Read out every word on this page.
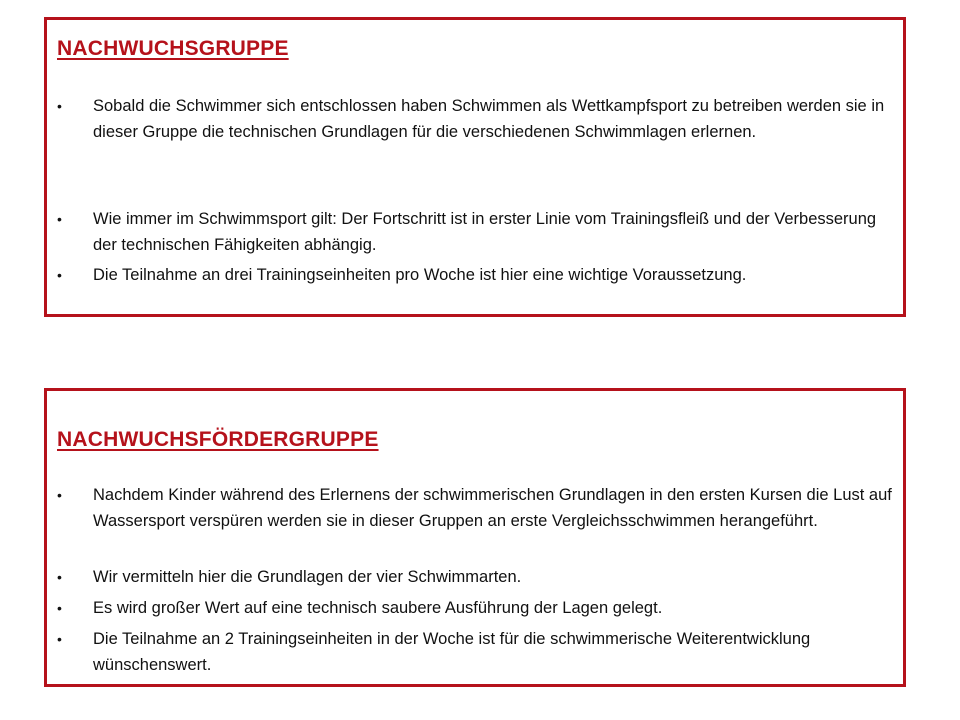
NACHWUCHSGRUPPE
•	Sobald die Schwimmer sich entschlossen haben Schwimmen als Wettkampfsport zu betreiben werden sie in dieser Gruppe die technischen Grundlagen für die verschiedenen Schwimmlagen erlernen.
•	Wie immer im Schwimmsport gilt: Der Fortschritt ist in erster Linie vom Trainingsfleiß und der Verbesserung der technischen Fähigkeiten abhängig.
•	Die Teilnahme an drei Trainingseinheiten pro Woche ist hier eine wichtige Voraussetzung.
NACHWUCHSFÖRDERGRUPPE
•	Nachdem Kinder während des Erlernens der schwimmerischen Grundlagen in den ersten Kursen die Lust auf Wassersport verspüren werden sie in dieser Gruppen an erste Vergleichsschwimmen herangeführt.
•	Wir vermitteln hier die Grundlagen der vier Schwimmarten.
•	Es wird großer Wert auf eine technisch saubere Ausführung der Lagen gelegt.
•	Die Teilnahme an 2 Trainingseinheiten in der Woche ist für die schwimmerische Weiterentwicklung wünschenswert.
